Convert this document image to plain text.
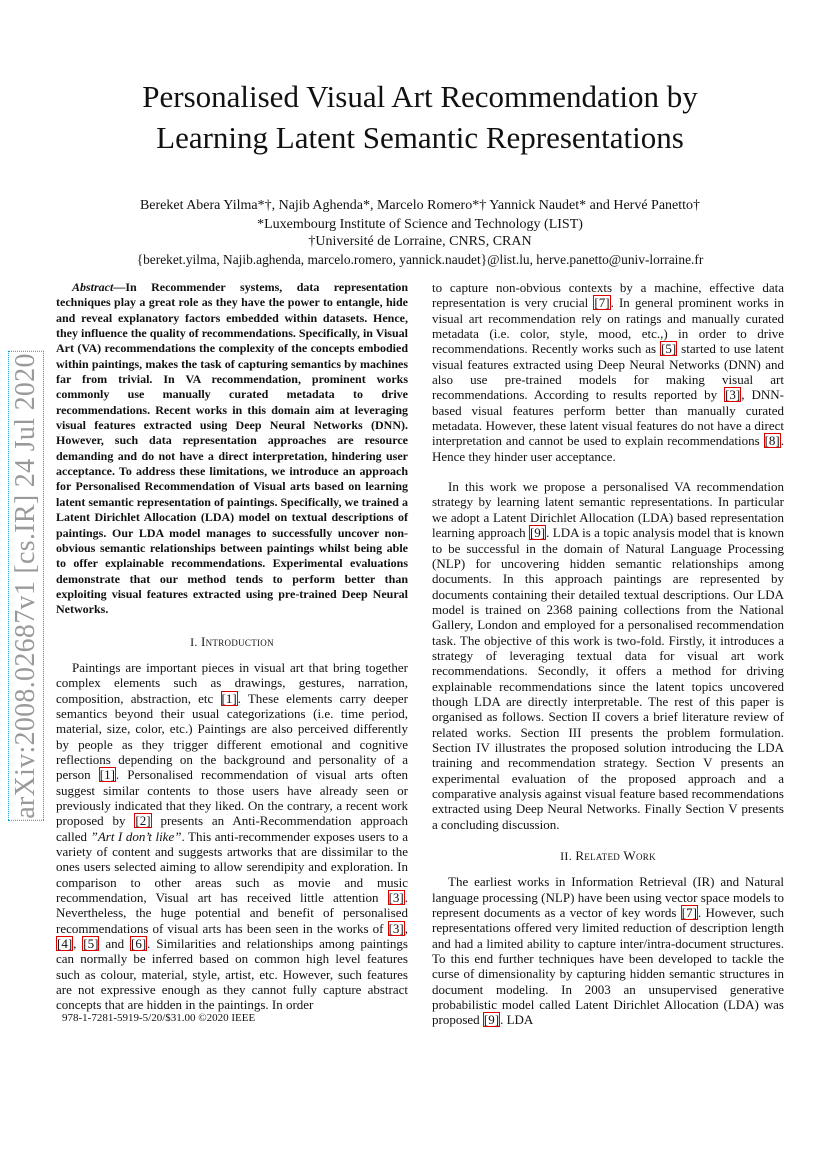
arXiv:2008.02687v1 [cs.IR] 24 Jul 2020
Personalised Visual Art Recommendation by
Learning Latent Semantic Representations
Bereket Abera Yilma*†, Najib Aghenda*, Marcelo Romero*† Yannick Naudet* and Hervé Panetto†
*Luxembourg Institute of Science and Technology (LIST)
†Université de Lorraine, CNRS, CRAN
{bereket.yilma, Najib.aghenda, marcelo.romero, yannick.naudet}@list.lu, herve.panetto@univ-lorraine.fr

Abstract—In Recommender systems, data representation techniques play a great role as they have the power to entangle, hide and reveal explanatory factors embedded within datasets. Hence, they influence the quality of recommendations. Specifically, in Visual Art (VA) recommendations the complexity of the concepts embodied within paintings, makes the task of capturing semantics by machines far from trivial. In VA recommendation, prominent works commonly use manually curated metadata to drive recommendations. Recent works in this domain aim at leveraging visual features extracted using Deep Neural Networks (DNN). However, such data representation approaches are resource demanding and do not have a direct interpretation, hindering user acceptance. To address these limitations, we introduce an approach for Personalised Recommendation of Visual arts based on learning latent semantic representation of paintings. Specifically, we trained a Latent Dirichlet Allocation (LDA) model on textual descriptions of paintings. Our LDA model manages to successfully uncover non-obvious semantic relationships between paintings whilst being able to offer explainable recommendations. Experimental evaluations demonstrate that our method tends to perform better than exploiting visual features extracted using pre-trained Deep Neural Networks.

I. Introduction

Paintings are important pieces in visual art that bring together complex elements such as drawings, gestures, narration, composition, abstraction, etc [1]. These elements carry deeper semantics beyond their usual categorizations (i.e. time period, material, size, color, etc.) Paintings are also perceived differently by people as they trigger different emotional and cognitive reflections depending on the background and personality of a person [1]. Personalised recommendation of visual arts often suggest similar contents to those users have already seen or previously indicated that they liked. On the contrary, a recent work proposed by [2] presents an Anti-Recommendation approach called ”Art I don’t like”. This anti-recommender exposes users to a variety of content and suggests artworks that are dissimilar to the ones users selected aiming to allow serendipity and exploration. In comparison to other areas such as movie and music recommendation, Visual art has received little attention [3]. Nevertheless, the huge potential and benefit of personalised recommendations of visual arts has been seen in the works of [3], [4], [5] and [6]. Similarities and relationships among paintings can normally be inferred based on common high level features such as colour, material, style, artist, etc. However, such features are not expressive enough as they cannot fully capture abstract concepts that are hidden in the paintings. In order

978-1-7281-5919-5/20/$31.00 ©2020 IEEE

to capture non-obvious contexts by a machine, effective data representation is very crucial [7]. In general prominent works in visual art recommendation rely on ratings and manually curated metadata (i.e. color, style, mood, etc.,) in order to drive recommendations. Recently works such as [5] started to use latent visual features extracted using Deep Neural Networks (DNN) and also use pre-trained models for making visual art recommendations. According to results reported by [3], DNN-based visual features perform better than manually curated metadata. However, these latent visual features do not have a direct interpretation and cannot be used to explain recommendations [8]. Hence they hinder user acceptance.

In this work we propose a personalised VA recommendation strategy by learning latent semantic representations. In particular we adopt a Latent Dirichlet Allocation (LDA) based representation learning approach [9]. LDA is a topic analysis model that is known to be successful in the domain of Natural Language Processing (NLP) for uncovering hidden semantic relationships among documents. In this approach paintings are represented by documents containing their detailed textual descriptions. Our LDA model is trained on 2368 paining collections from the National Gallery, London and employed for a personalised recommendation task. The objective of this work is two-fold. Firstly, it introduces a strategy of leveraging textual data for visual art work recommendations. Secondly, it offers a method for driving explainable recommendations since the latent topics uncovered though LDA are directly interpretable. The rest of this paper is organised as follows. Section II covers a brief literature review of related works. Section III presents the problem formulation. Section IV illustrates the proposed solution introducing the LDA training and recommendation strategy. Section V presents an experimental evaluation of the proposed approach and a comparative analysis against visual feature based recommendations extracted using Deep Neural Networks. Finally Section V presents a concluding discussion.

II. Related Work

The earliest works in Information Retrieval (IR) and Natural language processing (NLP) have been using vector space models to represent documents as a vector of key words [7]. However, such representations offered very limited reduction of description length and had a limited ability to capture inter/intra-document structures. To this end further techniques have been developed to tackle the curse of dimensionality by capturing hidden semantic structures in document modeling. In 2003 an unsupervised generative probabilistic model called Latent Dirichlet Allocation (LDA) was proposed [9]. LDA
